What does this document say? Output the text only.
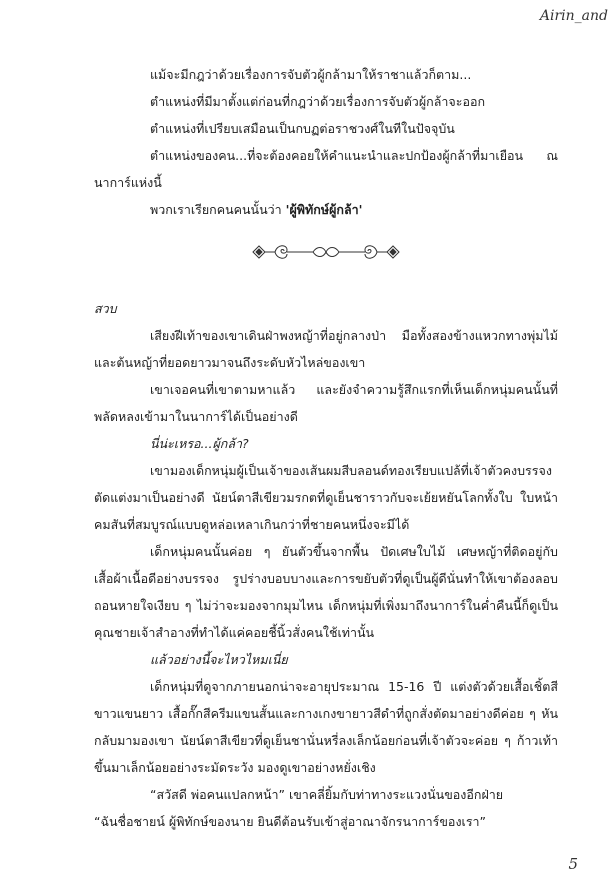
Airin_and

แม้จะมีกฎว่าด้วยเรื่องการจับตัวผู้กล้ามาให้ราชาแล้วก็ตาม...

ตำแหน่งที่มีมาตั้งแต่ก่อนที่กฎว่าด้วยเรื่องการจับตัวผู้กล้าจะออก

ตำแหน่งที่เปรียบเสมือนเป็นกบฏต่อราชวงศ์ในทีในปัจจุบัน

ตำแหน่งของคน...ที่จะต้องคอยให้คำแนะนำและปกป้องผู้กล้าที่มาเยือน ณ นาการ์แห่งนี้

พวกเราเรียกคนคนนั้นว่า 'ผู้พิทักษ์ผู้กล้า'

สวบ

เสียงฝีเท้าของเขาเดินฝ่าพงหญ้าที่อยู่กลางป่า มือทั้งสองข้างแหวกทางพุ่มไม้และต้นหญ้าที่ยอดยาวมาจนถึงระดับหัวไหล่ของเขา

เขาเจอคนที่เขาตามหาแล้ว และยังจำความรู้สึกแรกที่เห็นเด็กหนุ่มคนนั้นที่พลัดหลงเข้ามาในนาการ์ได้เป็นอย่างดี

นี่น่ะเหรอ...ผู้กล้า?

เขามองเด็กหนุ่มผู้เป็นเจ้าของเส้นผมสีบลอนด์ทองเรียบแปล้ที่เจ้าตัวคงบรรจงตัดแต่งมาเป็นอย่างดี นัยน์ตาสีเขียวมรกตที่ดูเย็นชาราวกับจะเย้ยหยันโลกทั้งใบ ใบหน้าคมสันที่สมบูรณ์แบบดูหล่อเหลาเกินกว่าที่ชายคนหนึ่งจะมีได้

เด็กหนุ่มคนนั้นค่อย ๆ ยันตัวขึ้นจากพื้น ปัดเศษใบไม้ เศษหญ้าที่ติดอยู่กับเสื้อผ้าเนื้อดีอย่างบรรจง รูปร่างบอบบางและการขยับตัวที่ดูเป็นผู้ดีนั่นทำให้เขาต้องลอบถอนหายใจเงียบ ๆ ไม่ว่าจะมองจากมุมไหน เด็กหนุ่มที่เพิ่งมาถึงนาการ์ในค่ำคืนนี้ก็ดูเป็นคุณชายเจ้าสำอางที่ทำได้แค่คอยชี้นิ้วสั่งคนใช้เท่านั้น

แล้วอย่างนี้จะไหวไหมเนี่ย

เด็กหนุ่มที่ดูจากภายนอกน่าจะอายุประมาณ 15-16 ปี แต่งตัวด้วยเสื้อเชิ้ตสีขาวแขนยาว เสื้อกั๊กสีครีมแขนสั้นและกางเกงขายาวสีดำที่ถูกสั่งตัดมาอย่างดีค่อย ๆ หันกลับมามองเขา นัยน์ตาสีเขียวที่ดูเย็นชานั่นหรี่ลงเล็กน้อยก่อนที่เจ้าตัวจะค่อย ๆ ก้าวเท้าขึ้นมาเล็กน้อยอย่างระมัดระวัง มองดูเขาอย่างหยั่งเชิง

“สวัสดี พ่อคนแปลกหน้า” เขาคลี่ยิ้มกับท่าทางระแวงนั่นของอีกฝ่าย

“ฉันชื่อชายน์ ผู้พิทักษ์ของนาย ยินดีต้อนรับเข้าสู่อาณาจักรนาการ์ของเรา”

5
